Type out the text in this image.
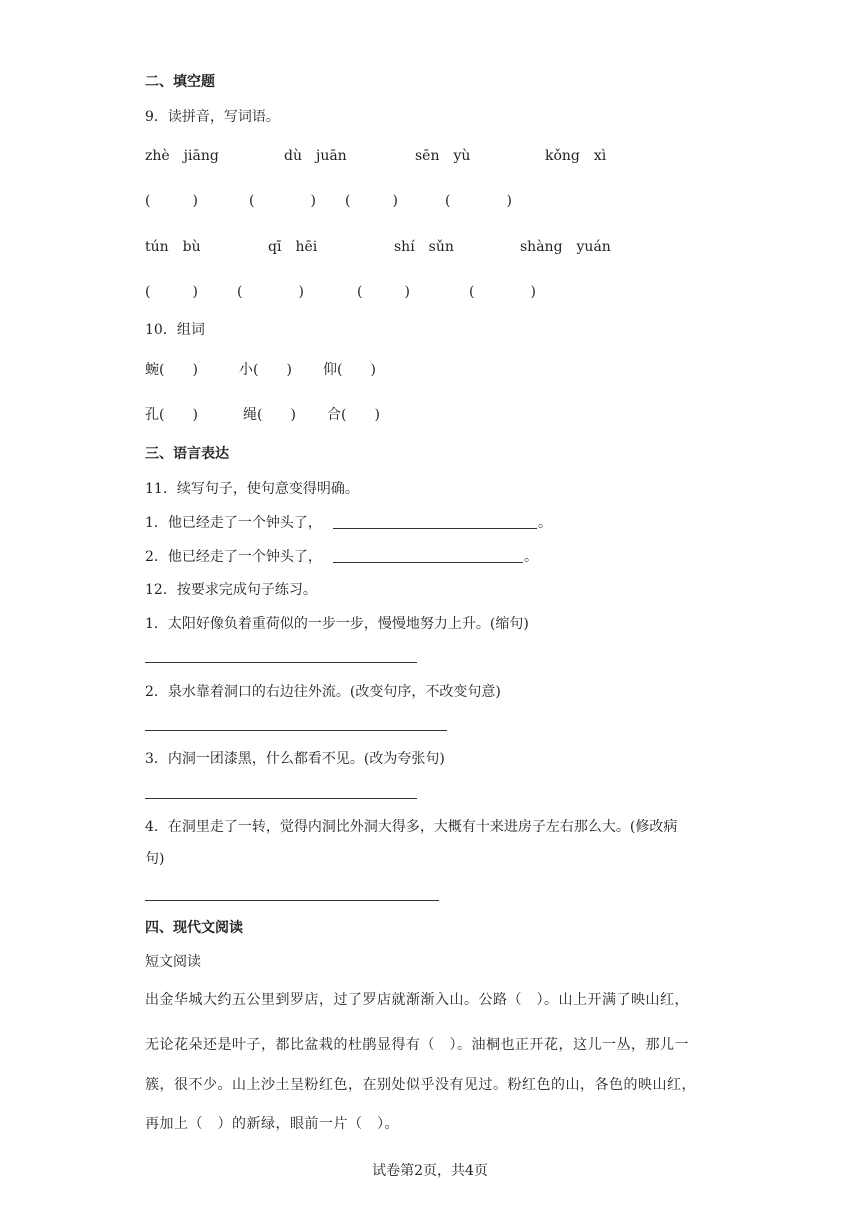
二、填空题
9．读拼音，写词语。
zhè　jiāng	dù　juān	sēn　yù	kǒng　xì
(　　　)	(　　　　) (　　　)	(　　　　)
tún　bù	qī　hēi	shí　sǔn	shàng　yuán
(　　　)	(　　　　)	(　　　)	(　　　　)
10．组词
蜿(　　)	小(　　) 仰(　　)
孔(　　)	绳(　　) 合(　　)
三、语言表达
11．续写句子，使句意变得明确。
1．他已经走了一个钟头了，	。
2．他已经走了一个钟头了，	。
12．按要求完成句子练习。
1．太阳好像负着重荷似的一步一步，慢慢地努力上升。(缩句)
2．泉水靠着洞口的右边往外流。(改变句序，不改变句意)
3．内洞一团漆黑，什么都看不见。(改为夸张句)
4．在洞里走了一转，觉得内洞比外洞大得多，大概有十来进房子左右那么大。(修改病
句)
四、现代文阅读
短文阅读
出金华城大约五公里到罗店，过了罗店就渐渐入山。公路（　）。山上开满了映山红，
无论花朵还是叶子，都比盆栽的杜鹃显得有（　）。油桐也正开花，这儿一丛，那儿一
簇，很不少。山上沙土呈粉红色，在别处似乎没有见过。粉红色的山，各色的映山红，
再加上（　）的新绿，眼前一片（　）。
试卷第2页，共4页
